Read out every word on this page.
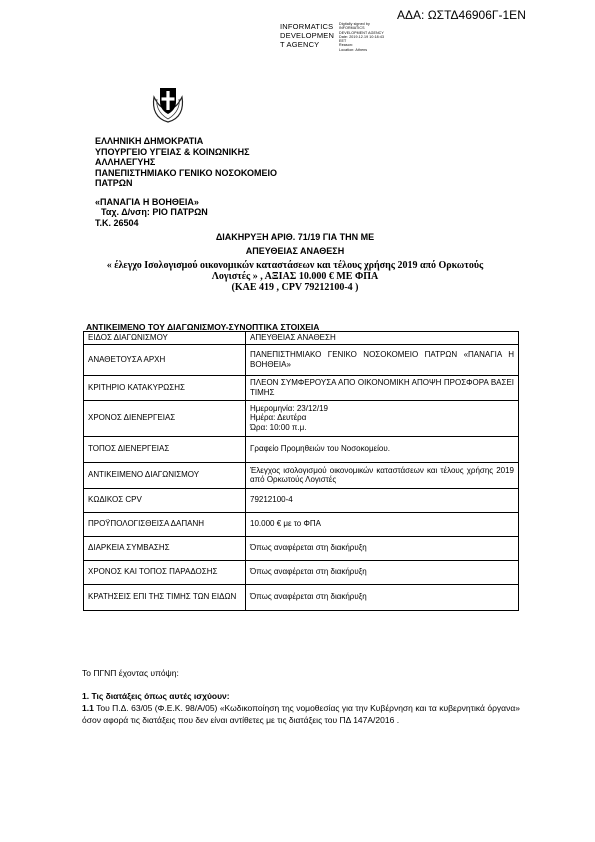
ΑΔΑ: ΩΣΤΔ46906Γ-1ΕΝ
INFORMATICS
DEVELOPMEN
T AGENCY
Digitally signed by
INFORMATICS
DEVELOPMENT AGENCY
Date: 2019.12.19 10:18:43
EET
Reason:
Location: Athens
ΕΛΛΗΝΙΚΗ ΔΗΜΟΚΡΑΤΙΑ
ΥΠΟΥΡΓΕΙΟ ΥΓΕΙΑΣ & ΚΟΙΝΩΝΙΚΗΣ
ΑΛΛΗΛΕΓΥΗΣ
ΠΑΝΕΠΙΣΤΗΜΙΑΚΟ ΓΕΝΙΚΟ ΝΟΣΟΚΟΜΕΙΟ
ΠΑΤΡΩΝ
«ΠΑΝΑΓΙΑ Η ΒΟΗΘΕΙΑ»
Ταχ. Δ/νση: ΡΙΟ ΠΑΤΡΩΝ
Τ.Κ. 26504
ΔΙΑΚΗΡΥΞΗ ΑΡΙΘ. 71/19 ΓΙΑ ΤΗΝ ΜΕ
ΑΠΕΥΘΕΙΑΣ ΑΝΑΘΕΣΗ
« έλεγχο Ισολογισμού οικονομικών καταστάσεων και τέλους χρήσης 2019 από Ορκωτούς
Λογιστές » , ΑΞΙΑΣ 10.000 € ΜΕ ΦΠΑ
(ΚΑΕ 419 , CPV 79212100-4 )
ΑΝΤΙΚΕΙΜΕΝΟ ΤΟΥ ΔΙΑΓΩΝΙΣΜΟΥ-ΣΥΝΟΠΤΙΚΑ ΣΤΟΙΧΕΙΑ
ΕΙΔΟΣ ΔΙΑΓΩΝΙΣΜΟΥ	ΑΠΕΥΘΕΙΑΣ ΑΝΑΘΕΣΗ
ΑΝΑΘΕΤΟΥΣΑ ΑΡΧΗ	ΠΑΝΕΠΙΣΤΗΜΙΑΚΟ ΓΕΝΙΚΟ ΝΟΣΟΚΟΜΕΙΟ ΠΑΤΡΩΝ «ΠΑΝΑΓΙΑ Η ΒΟΗΘΕΙΑ»
ΚΡΙΤΗΡΙΟ ΚΑΤΑΚΥΡΩΣΗΣ	ΠΛΕΟΝ ΣΥΜΦΕΡΟΥΣΑ ΑΠΟ ΟΙΚΟΝΟΜΙΚΗ ΑΠΟΨΗ ΠΡΟΣΦΟΡΑ ΒΑΣΕΙ ΤΙΜΗΣ
ΧΡΟΝΟΣ ΔΙΕΝΕΡΓΕΙΑΣ	Ημερομηνία: 23/12/19
Ημέρα: Δευτέρα
Ώρα: 10:00 π.μ.
ΤΟΠΟΣ ΔΙΕΝΕΡΓΕΙΑΣ	Γραφείο Προμηθειών του Νοσοκομείου.
ΑΝΤΙΚΕΙΜΕΝΟ ΔΙΑΓΩΝΙΣΜΟΥ	Έλεγχος ισολογισμού οικονομικών καταστάσεων και τέλους χρήσης 2019 από Ορκωτούς Λογιστές
ΚΩΔΙΚΟΣ CPV	79212100-4
ΠΡΟΫΠΟΛΟΓΙΣΘΕΙΣΑ ΔΑΠΑΝΗ	10.000 € με το ΦΠΑ
ΔΙΑΡΚΕΙΑ ΣΥΜΒΑΣΗΣ	Όπως αναφέρεται στη διακήρυξη
ΧΡΟΝΟΣ ΚΑΙ ΤΟΠΟΣ ΠΑΡΑΔΟΣΗΣ	Όπως αναφέρεται στη διακήρυξη
ΚΡΑΤΗΣΕΙΣ ΕΠΙ ΤΗΣ ΤΙΜΗΣ ΤΩΝ ΕΙΔΩΝ	Όπως αναφέρεται στη διακήρυξη
Το ΠΓΝΠ έχοντας υπόψη:
1. Τις διατάξεις όπως αυτές ισχύουν:
1.1 Του Π.Δ. 63/05 (Φ.Ε.Κ. 98/Α/05) «Κωδικοποίηση της νομοθεσίας για την Κυβέρνηση και τα κυβερνητικά όργανα» όσον αφορά τις διατάξεις που δεν είναι αντίθετες με τις διατάξεις του ΠΔ 147Α/2016 .
